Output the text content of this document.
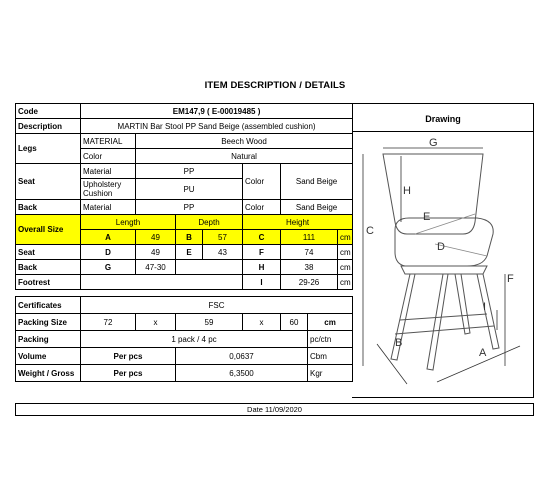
ITEM DESCRIPTION / DETAILS
Code	EM147,9 ( E-00019485 )							
Description	MARTIN Bar Stool PP Sand Beige (assembled cushion)							
Legs	MATERIAL	Beech Wood						
	Color	Natural						
Seat	Material	PP			Color	Sand Beige		
	Upholstery Cushion	PU						
Back	Material	PP			Color	Sand Beige		
Overall Size	Length		Depth		Height			
	A	49	B	57	C	111		cm
Seat	D	49	E	43	F	74		cm
Back	G	47-30			H	38		cm
Footrest					I	29-26		cm

Certificates	FSC							
Packing Size	72	x	59		x	60	cm	
Packing	1 pack / 4 pc						pc/ctn	
Volume	Per pcs		0,0637				Cbm	
Weight / Gross	Per pcs		6,3500				Kgr	
Drawing
G
H
C
E
D
F
I
B
A
Date 11/09/2020
